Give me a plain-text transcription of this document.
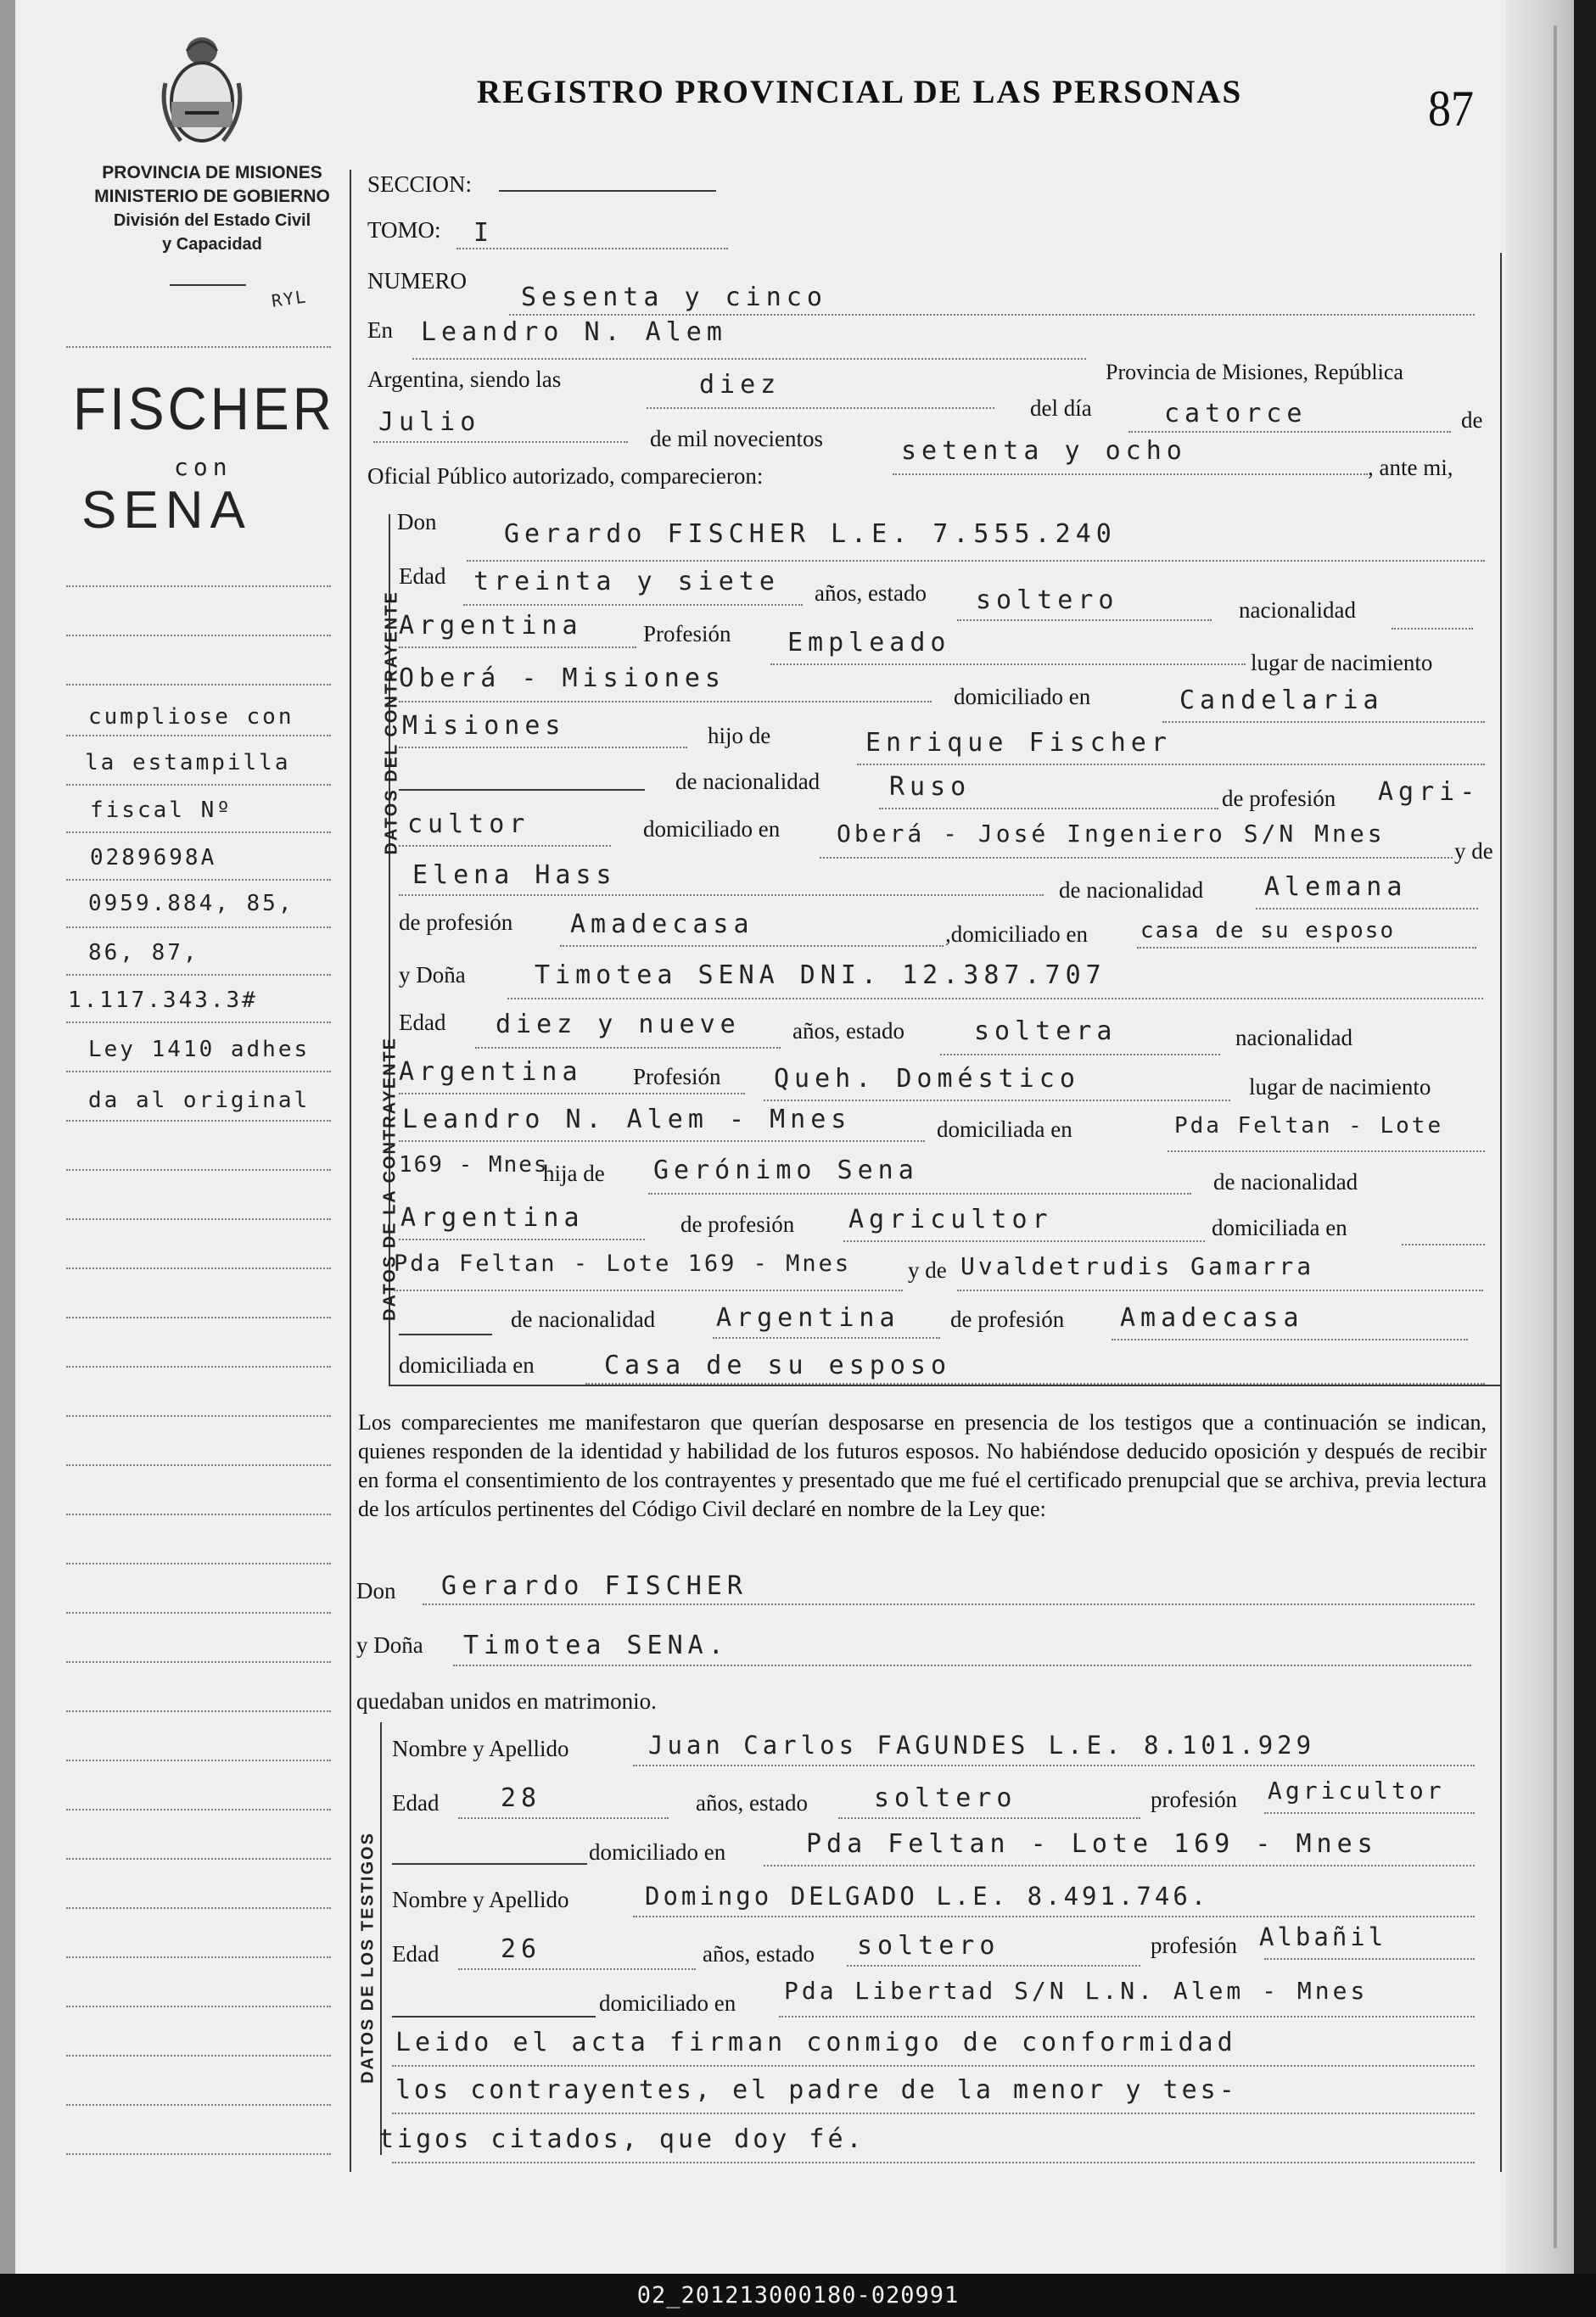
PROVINCIA DE MISIONES
MINISTERIO DE GOBIERNO
División del Estado Civil
y Capacidad
REGISTRO PROVINCIAL DE LAS PERSONAS	87
RYL
FISCHER
con
SENA
cumpliose con
la estampilla
fiscal Nº
0289698A
0959.884, 85,
86, 87,
1.117.343.3#
Ley 1410 adhes
da al original
SECCION:
TOMO: I
NUMERO
Sesenta y cinco
En Leandro N. Alem
Provincia de Misiones, República
Argentina, siendo las	diez
del día	catorce	de
Julio
de mil novecientos	setenta y ocho
, ante mi,
Oficial Público autorizado, comparecieron:
DATOS DEL CONTRAYENTE
Don	Gerardo FISCHER L.E. 7.555.240
Edad treinta y siete años, estado soltero	nacionalidad
Argentina	Profesión Empleado
lugar de nacimiento
Oberá - Misiones
domiciliado en	Candelaria
Misiones	hijo de	Enrique Fischer
de nacionalidad	Ruso	de profesión Agri-
cultor	domiciliado en Oberá - José Ingeniero S/N Mnes
y de
Elena Hass	de nacionalidad Alemana
de profesión Amadecasa	,domiciliado en casa de su esposo
DATOS DE LA CONTRAYENTE
y Doña	Timotea SENA DNI. 12.387.707
Edad diez y nueve años, estado	soltera	nacionalidad
Argentina Profesión Queh. Doméstico	lugar de nacimiento
Leandro N. Alem - Mnes	domiciliada en	Pda Feltan - Lote
169 - Mnes
hija de Gerónimo Sena	de nacionalidad
Argentina	de profesión Agricultor	domiciliada en
Pda Feltan - Lote 169 - Mnes y de Uvaldetrudis Gamarra
de nacionalidad Argentina de profesión Amadecasa
domiciliada en	Casa de su esposo
Los comparecientes me manifestaron que querían desposarse en presencia de los testigos que a continuación se indican, quienes responden de la identidad y habilidad de los futuros esposos. No habiéndose deducido oposición y después de recibir en forma el consentimiento de los contrayentes y presentado que me fué el certificado prenupcial que se archiva, previa lectura de los artículos pertinentes del Código Civil declaré en nombre de la Ley que:
Don Gerardo FISCHER
y Doña Timotea SENA.
quedaban unidos en matrimonio.
DATOS DE LOS TESTIGOS
Nombre y Apellido	Juan Carlos FAGUNDES L.E. 8.101.929
Edad 28	años, estado	soltero	profesión Agricultor
domiciliado en	Pda Feltan - Lote 169 - Mnes
Nombre y Apellido	Domingo DELGADO L.E. 8.491.746.
Edad 26	años, estado soltero	profesión Albañil
domiciliado en Pda Libertad S/N L.N. Alem - Mnes
Leido el acta firman conmigo de conformidad
los contrayentes, el padre de la menor y tes-
tigos citados, que doy fé.
02_201213000180-020991
